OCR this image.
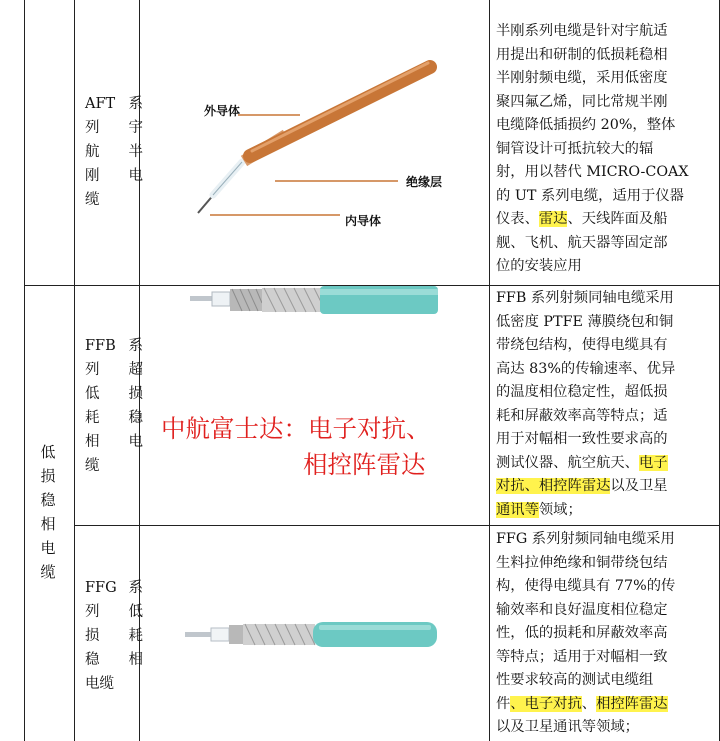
低
损
稳
相
电
缆
AFT 系
列 宇
航 半
刚 电
缆
FFB 系
列 超
低 损
耗 稳
相 电
缆
FFG 系
列 低
损 耗
稳 相
电缆
外导体
绝缘层
内导体
中航富士达：电子对抗、
相控阵雷达
半刚系列电缆是针对宇航适
用提出和研制的低损耗稳相
半刚射频电缆，采用低密度
聚四氟乙烯，同比常规半刚
电缆降低插损约 20%，整体
铜管设计可抵抗较大的辐
射，用以替代 MICRO-COAX
的 UT 系列电缆，适用于仪器
仪表、雷达、天线阵面及船
舰、飞机、航天器等固定部
位的安装应用
FFB 系列射频同轴电缆采用
低密度 PTFE 薄膜绕包和铜
带绕包结构，使得电缆具有
高达 83%的传输速率、优异
的温度相位稳定性，超低损
耗和屏蔽效率高等特点；适
用于对幅相一致性要求高的
测试仪器、航空航天、电子
对抗、相控阵雷达以及卫星
通讯等领域；
FFG 系列射频同轴电缆采用
生料拉伸绝缘和铜带绕包结
构，使得电缆具有 77%的传
输效率和良好温度相位稳定
性，低的损耗和屏蔽效率高
等特点；适用于对幅相一致
性要求较高的测试电缆组
件、电子对抗、相控阵雷达
以及卫星通讯等领域；
